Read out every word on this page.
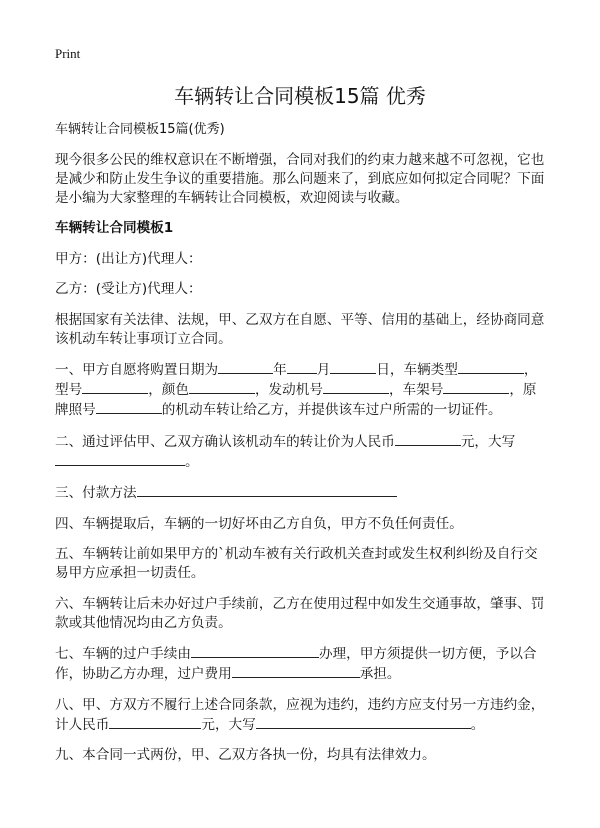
Print
车辆转让合同模板15篇 优秀

车辆转让合同模板15篇(优秀)

现今很多公民的维权意识在不断增强，合同对我们的约束力越来越不可忽视，它也是减少和防止发生争议的重要措施。那么问题来了，到底应如何拟定合同呢？下面是小编为大家整理的车辆转让合同模板，欢迎阅读与收藏。

车辆转让合同模板1

甲方：(出让方)代理人：

乙方：(受让方)代理人：

根据国家有关法律、法规，甲、乙双方在自愿、平等、信用的基础上，经协商同意该机动车转让事项订立合同。

一、甲方自愿将购置日期为	年 月	日，车辆类型	，型号	，颜色	，发动机号	，车架号	，原牌照号	的机动车转让给乙方，并提供该车过户所需的一切证件。

二、通过评估甲、乙双方确认该机动车的转让价为人民币	元，大写
。

三、付款方法

四、车辆提取后，车辆的一切好坏由乙方自负，甲方不负任何责任。

五、车辆转让前如果甲方的`机动车被有关行政机关查封或发生权利纠纷及自行交易甲方应承担一切责任。

六、车辆转让后未办好过户手续前，乙方在使用过程中如发生交通事故，肇事、罚款或其他情况均由乙方负责。

七、车辆的过户手续由	办理，甲方须提供一切方便，予以合作，协助乙方办理，过户费用	承担。

八、甲、方双方不履行上述合同条款，应视为违约，违约方应支付另一方违约金，计人民币	元，大写	。

九、本合同一式两份，甲、乙双方各执一份，均具有法律效力。
